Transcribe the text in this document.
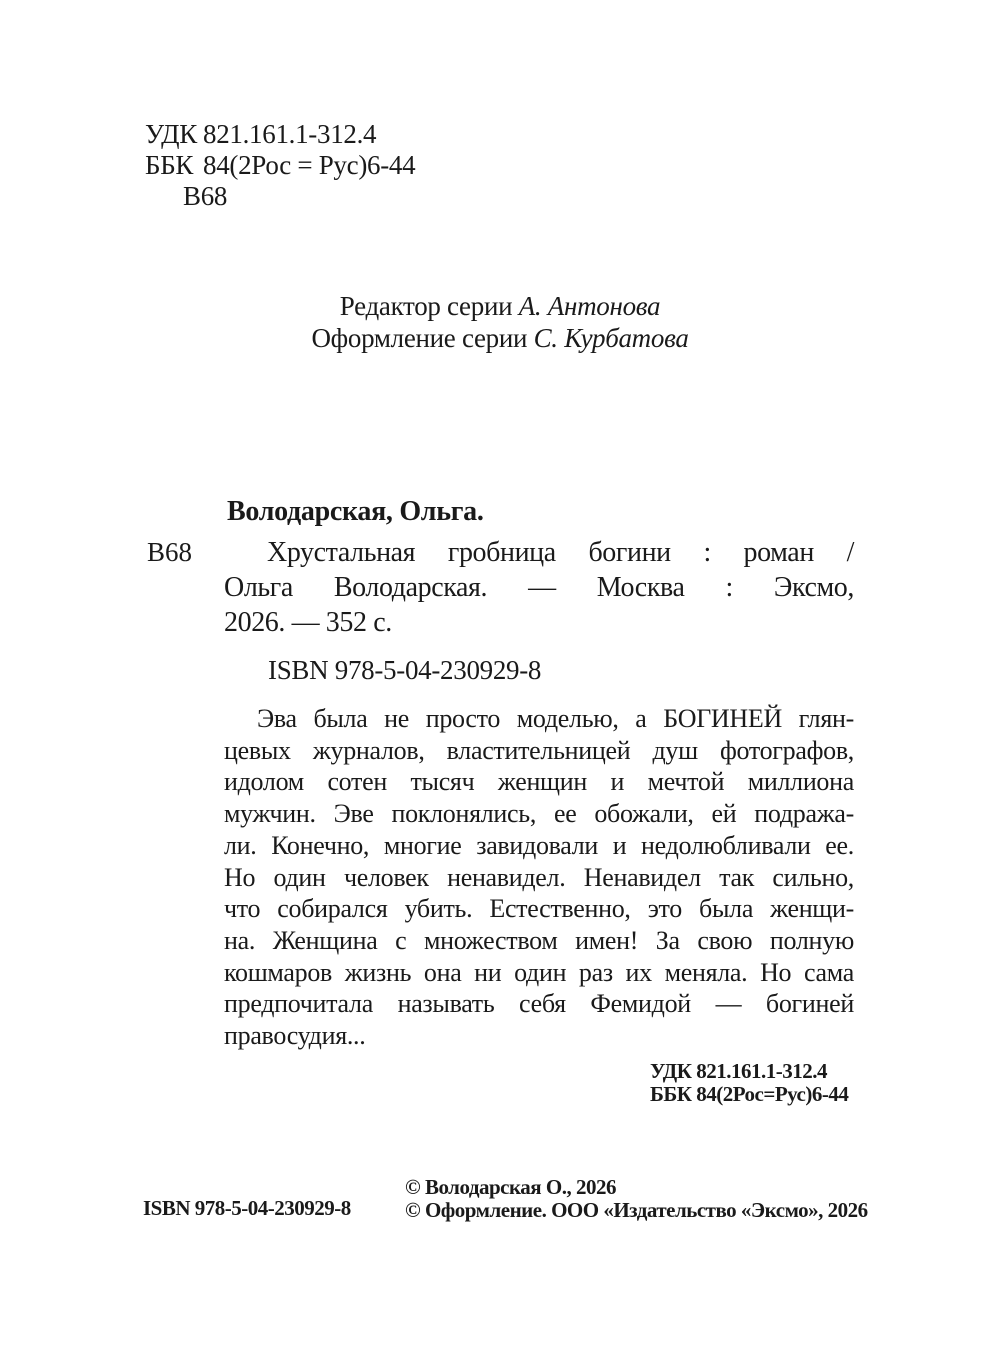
УДК 821.161.1-312.4
ББК 84(2Рос = Рус)6-44
В68
Редактор серии А. Антонова
Оформление серии С. Курбатова
Володарская, Ольга.
В68	Хрустальная гробница богини : роман /
Ольга Володарская. — Москва : Эксмо,
2026. — 352 с.
ISBN 978-5-04-230929-8
Эва была не просто моделью, а БОГИНЕЙ глян-
цевых журналов, властительницей душ фотографов,
идолом сотен тысяч женщин и мечтой миллиона
мужчин. Эве поклонялись, ее обожали, ей подража-
ли. Конечно, многие завидовали и недолюбливали ее.
Но один человек ненавидел. Ненавидел так сильно,
что собирался убить. Естественно, это была женщи-
на. Женщина с множеством имен! За свою полную
кошмаров жизнь она ни один раз их меняла. Но сама
предпочитала называть себя Фемидой — богиней
правосудия...
УДК 821.161.1-312.4
ББК 84(2Рос=Рус)6-44
ISBN 978-5-04-230929-8
© Володарская О., 2026
© Оформление. ООО «Издательство «Эксмо», 2026
